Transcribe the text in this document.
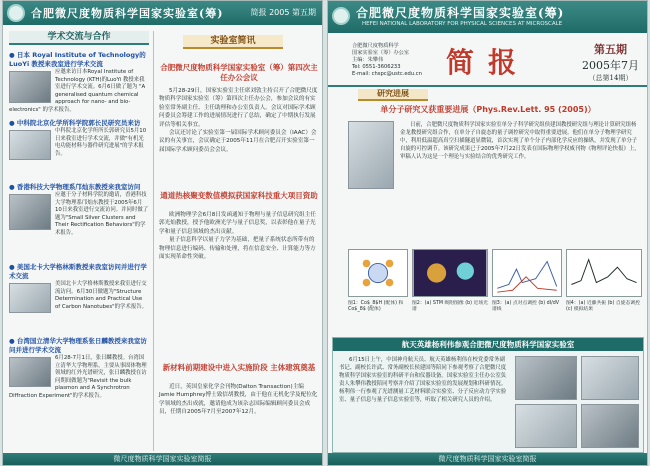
合肥微尺度物质科学国家实验室(筹)	简报 2005 第五期
学术交流与合作
● 日本 Royal Institute of Technology的LuoYi 教授来我室进行学术交流
应邀来访日本Royal Institute of Technology (KTH)的LuoYi 教授来我室进行学术交流。6月6日做了题为 "A generalised quantum chemical approach for nano- and bio-electronics" 的学术报告。
● 中科院北京化学所科学院郭长民研究员来访
中科院北京化学所所长郭研究员5月10日来我室进行学术交流，并做"有机光电功能材料与器件研究进展"的学术报告。
● 香港科技大学物理系邝灿东教授来我室访问
应邀于分子材料学院的邀请，香港科技大学物理系邝灿东教授于2005年6月10日来我室进行交流访问。并同时做了题为"Small Silver Clusters and Their Rectification Behaviors"的学术报告。
● 美国北卡大学格林斯教授来我室访问并进行学术交流
美国北卡大学格林斯教授来我室进行交流访问。6月30日做题为"Structure Determination and Practical Use of Carbon Nanotubes"的学术报告。
● 台湾国立清华大学物理系张日麟教授来我室访问并进行学术交流
6月28-7月1日，张日麟教授。台湾国立清华大学物理系，主要从事固体物理领域的红外光谱研究，张日麟教授在访问期间做题为"Revisit the bulk plasmon and A Synchrotron Diffraction Experiment"的学术报告。
实验室简讯
合肥微尺度物质科学国家实验室（筹）第四次主任办公会议

5月28-29日，国家实验室主任席刘敦主持召开了合肥微尺度物质科学国家实验室（筹）第四次主任办公会，参加会议的有实验室常务副主任、主任助理和办公室负责人。会议对国际学术顾问委员会筹建工作的进展情况进行了总结，确定了中期执行发展评估等相关事宜。

会议还讨论了实验室第一届国际学术顾问委员会（IAAC）会议的有关事宜，会议确定于2005年11月在合肥召开实验室第一届国际学术顾问委员会会议。

通道热核聚变数值模拟获国家科技重大项目资助

欧洲物理学会6月8日发函通知于物理与量子信息研究组主任郭光灿教授，授予他欧洲光学与量子信息奖，以表彰他在量子光学和量子信息领域的杰出贡献。

量子信息科学以量子力学为基础，把量子系统状态所带有的物理信息进行编码、传输和处理，将在信息安全、计算能力等方面实现革命性突破。

新材料前期建设中进入实施阶段 主体建筑奠基

近日，英国皇家化学会刊物(Dalton Transaction)主编Jamie Humphrey博士致信胡教授，由于他在无机化学及配位化学领域的杰出成就，邀请他成为该杂志国际编辑顾问委员会成员，任期自2005年7月至2007年12月。

微尺度物质科学国家实验室简报
合肥微尺度物质科学国家实验室(筹)
HEFEI NATIONAL LABORATORY FOR PHYSICAL SCIENCES AT MICROSCALE
合肥微尺度物质科学
国家实验室（筹）办公室
主编：朱攀伟
Tel: 0551-3606233
E-mail: chspc@ustc.edu.cn 简报	第五期
2005年7月
（总第14期）
研究进展
单分子研究又获重要进展（Phys.Rev.Lett. 95 (2005)）

日前，合肥微尺度物质科学国家实验室单分子科学研究组侯建国教授研究组与理论计算研究组杨金龙教授研究组合作，在单分子自旋态的量子调控研究中取得重要进展。他们在单分子物理学研究中，利用低温超高真空扫描隧道显微镜，首次实现了单个分子内部化学反应的操纵，并发现了单分子自旋的可控调节。该研究成果已于2005年7月22日发表在国际物理学权威刊物《物理评论快报》上，审稿人认为这是一个理论与实验结合的优秀研究工作。

图1：Co$_8$H (配体) 和 Co$_8$ (配体)
图2：(a) STM 吸附图像 (b) 近场光谱
图3：(a) 点对点调控 (b) dI/dV 谱线
图4：(a) 近藤共振 (b) 自旋态调控 (c) 模拟结果
航天英雄杨利伟参观合肥微尺度物质科学国家实验室

6月15日上午，中国神舟航天员、航天英雄杨利伟在校党委常务副书记、副校长许武、常务副校长侯建国等陪同下参观考察了合肥微尺度物质科学国家实验室的科研平台和仪器设备。国家实验室主任办公室负责人朱攀伟教授陪同考察并介绍了国家实验室的发展规划和科研情况。杨利伟一行参观了光谱测量工艺材料联合实验室、分子反应动力学实验室、量子信息与量子信息实验室等，听取了相关研究人员的介绍。

微尺度物质科学国家实验室简报
